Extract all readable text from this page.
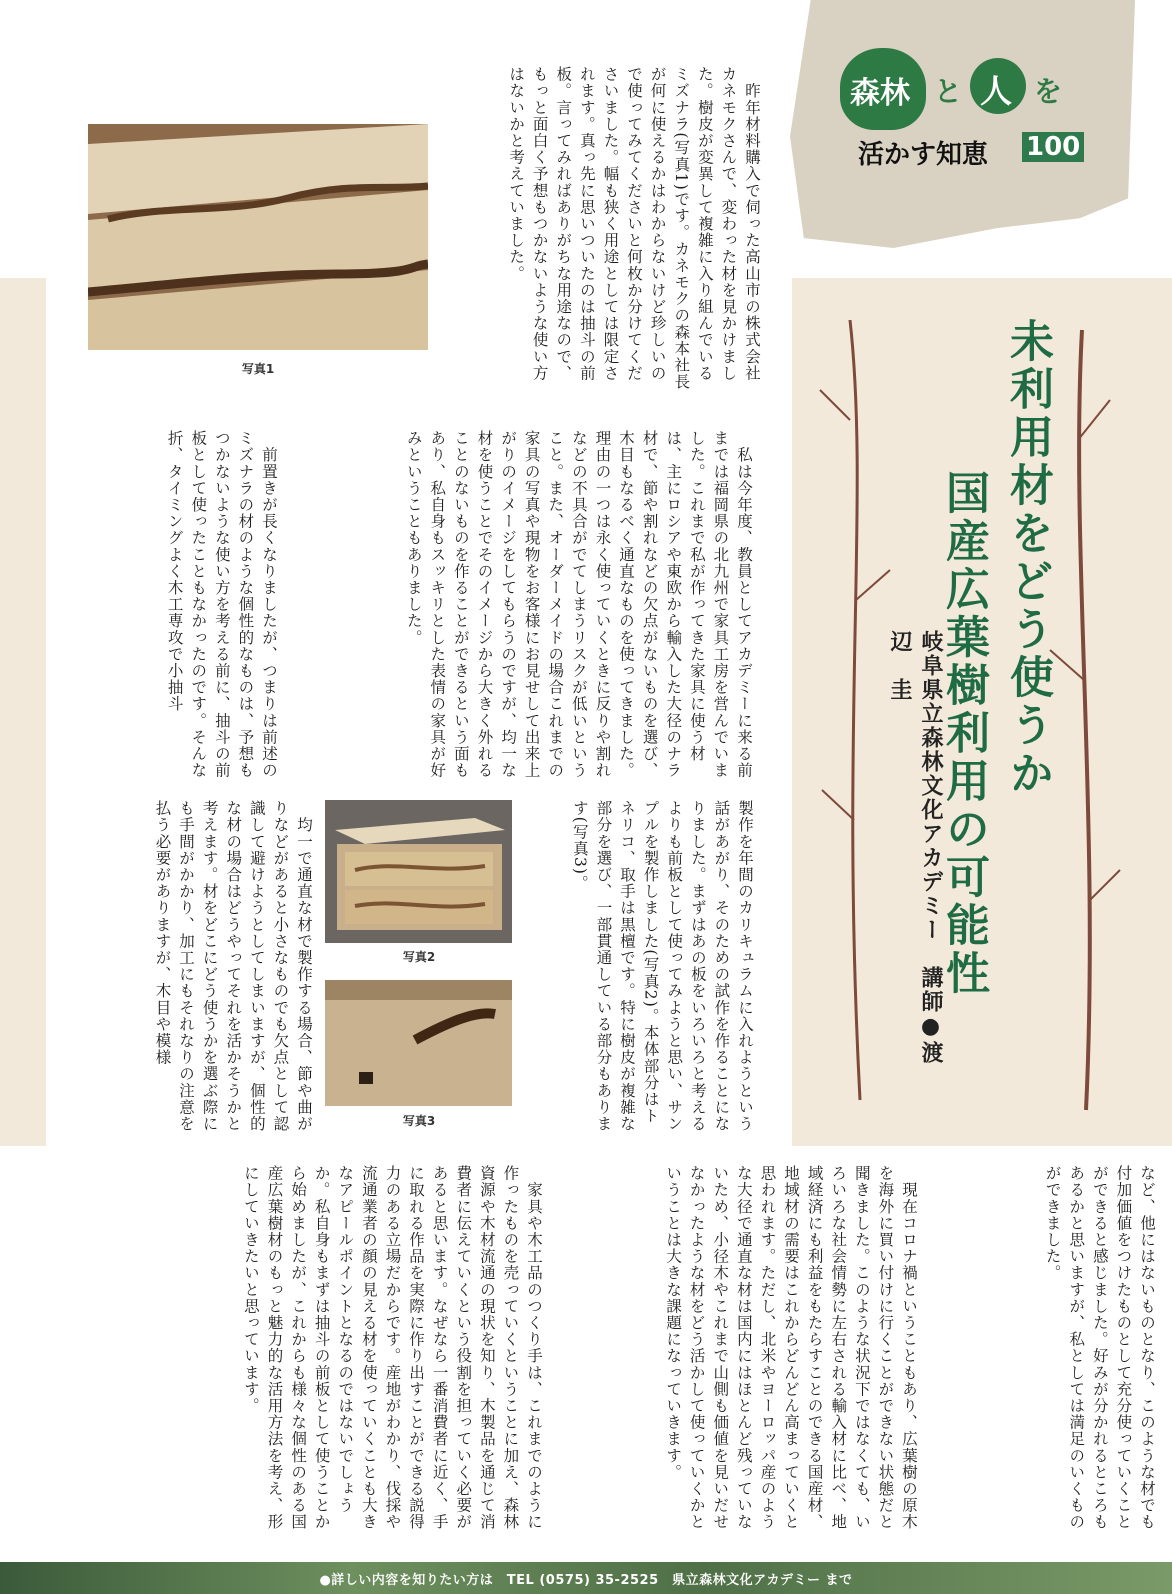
森林 と 人 を
活かす知恵 100
写真1	　昨年材料購入で伺った高山市の株式会社カネモクさんで、変わった材を見かけました。樹皮が変異して複雑に入り組んでいるミズナラ(写真1)です。カネモクの森本社長が何に使えるかはわからないけど珍しいので使ってみてくださいと何枚か分けてくださいました。幅も狭く用途としては限定されます。真っ先に思いついたのは抽斗の前板。言ってみればありがちな用途なので、もっと面白く予想もつかないような使い方はないかと考えていました。
　私は今年度、教員としてアカデミーに来る前までは福岡県の北九州で家具工房を営んでいました。これまで私が作ってきた家具に使う材は、主にロシアや東欧から輸入した大径のナラ材で、節や割れなどの欠点がないものを選び、木目もなるべく通直なものを使ってきました。理由の一つは永く使っていくときに反りや割れなどの不具合がでてしまうリスクが低いということ。また、オーダーメイドの場合これまでの家具の写真や現物をお客様にお見せして出来上がりのイメージをしてもらうのですが、均一な材を使うことでそのイメージから大きく外れることのないものを作ることができるという面もあり、私自身もスッキリとした表情の家具が好みということもありました。
　前置きが長くなりましたが、つまりは前述のミズナラの材のような個性的なものは、予想もつかないような使い方を考える前に、抽斗の前板として使ったこともなかったのです。そんな折、タイミングよく木工専攻で小抽斗
写真2
写真3	製作を年間のカリキュラムに入れようという話があがり、そのための試作を作ることになりました。まずはあの板をいろいろと考えるよりも前板として使ってみようと思い、サンプルを製作しました(写真2)。本体部分はトネリコ、取手は黒檀です。特に樹皮が複雑な部分を選び、一部貫通している部分もあります(写真3)。
　均一で通直な材で製作する場合、節や曲がりなどがあると小さなものでも欠点として認識して避けようとしてしまいますが、個性的な材の場合はどうやってそれを活かそうかと考えます。材をどこにどう使うかを選ぶ際にも手間がかかり、加工にもそれなりの注意を払う必要がありますが、木目や模様
未利用材をどう使うか
国産広葉樹利用の可能性
岐阜県立森林文化アカデミー　講師●渡辺　圭
など、他にはないものとなり、このような材でも付加価値をつけたものとして充分使っていくことができると感じました。好みが分かれるところもあるかと思いますが、私としては満足のいくものができました。
　現在コロナ禍ということもあり、広葉樹の原木を海外に買い付けに行くことができない状態だと聞きました。このような状況下ではなくても、いろいろな社会情勢に左右される輸入材に比べ、地域経済にも利益をもたらすことのできる国産材、地域材の需要はこれからどんどん高まっていくと思われます。ただし、北米やヨーロッパ産のような大径で通直な材は国内にはほとんど残っていないため、小径木やこれまで山側も価値を見いだせなかったような材をどう活かして使っていくかということは大きな課題になっていきます。
　家具や木工品のつくり手は、これまでのように作ったものを売っていくということに加え、森林資源や木材流通の現状を知り、木製品を通じて消費者に伝えていくという役割を担っていく必要があると思います。なぜなら一番消費者に近く、手に取れる作品を実際に作り出すことができる説得力のある立場だからです。産地がわかり、伐採や流通業者の顔の見える材を使っていくことも大きなアピールポイントとなるのではないでしょうか。私自身もまずは抽斗の前板として使うことから始めましたが、これからも様々な個性のある国産広葉樹材のもっと魅力的な活用方法を考え、形にしていきたいと思っています。
●詳しい内容を知りたい方は　TEL (0575) 35-2525　県立森林文化アカデミー まで
